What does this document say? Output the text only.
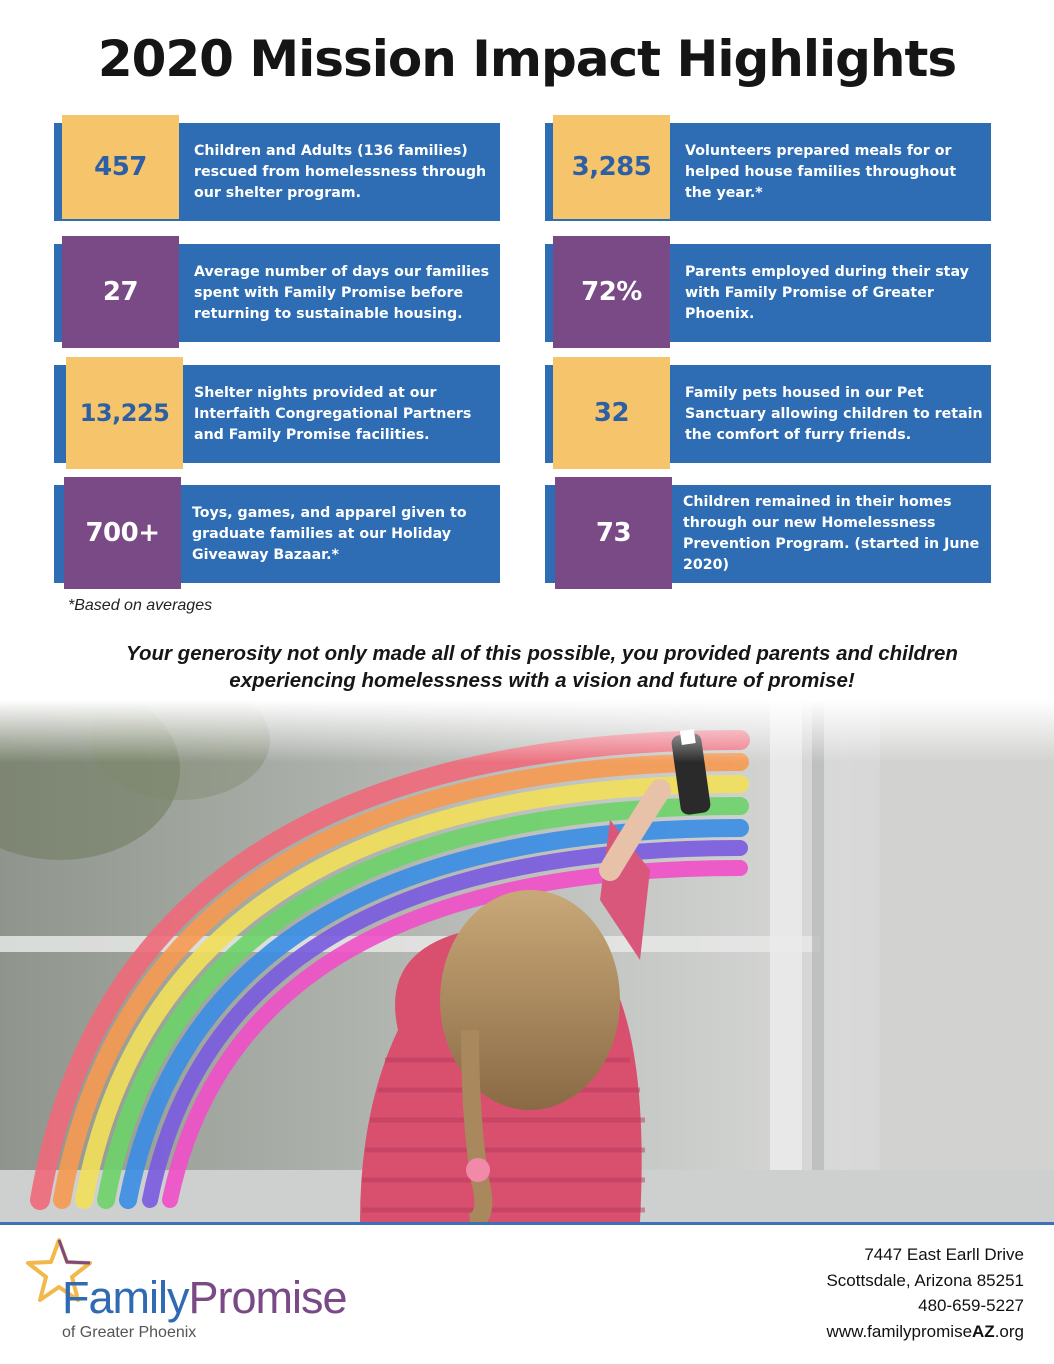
2020 Mission Impact Highlights
457
Children and Adults (136 families) rescued from homelessness through our shelter program.
3,285
Volunteers prepared meals for or helped house families throughout the year.*
27
Average number of days our families spent with Family Promise before returning to sustainable housing.
72%
Parents employed during their stay with Family Promise of Greater Phoenix.
13,225
Shelter nights provided at our Interfaith Congregational Partners and Family Promise facilities.
32
Family pets housed in our Pet Sanctuary allowing children to retain the comfort of furry friends.
700+
Toys, games, and apparel given to graduate families at our Holiday Giveaway Bazaar.*
73
Children remained in their homes through our new Homelessness Prevention Program. (started in June 2020)
*Based on averages
Your generosity not only made all of this possible, you provided parents and children
experiencing homelessness with a vision and future of promise!
FamilyPromise
of Greater Phoenix
7447 East Earll Drive
Scottsdale, Arizona 85251
480-659-5227
www.familypromiseAZ.org
